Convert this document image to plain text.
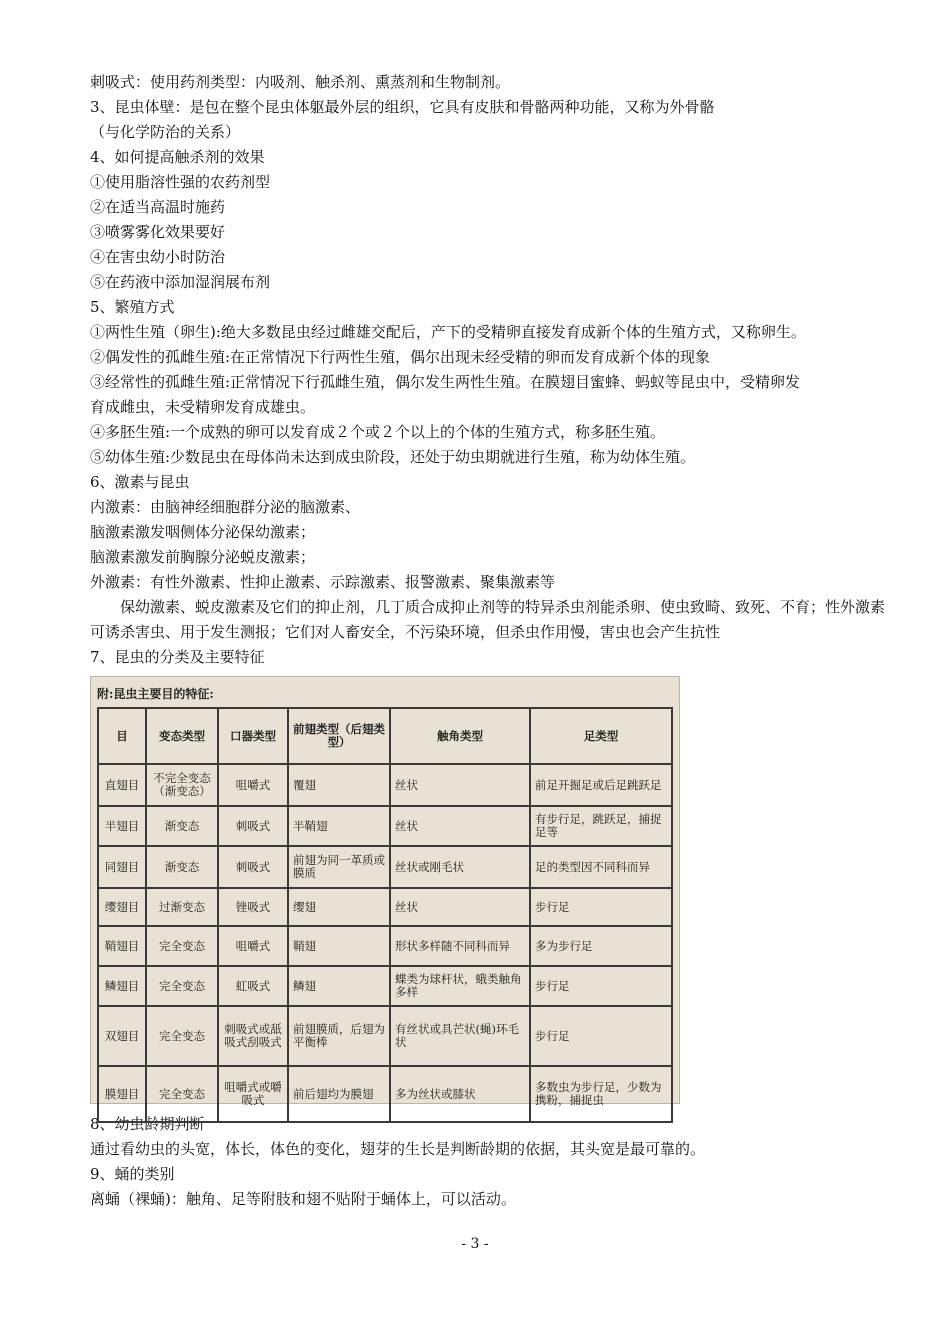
刺吸式：使用药剂类型：内吸剂、触杀剂、熏蒸剂和生物制剂。
3、昆虫体壁：是包在整个昆虫体躯最外层的组织，它具有皮肤和骨骼两种功能，又称为外骨骼
（与化学防治的关系）
4、如何提高触杀剂的效果
①使用脂溶性强的农药剂型
②在适当高温时施药
③喷雾雾化效果要好
④在害虫幼小时防治
⑤在药液中添加湿润展布剂
5、繁殖方式
①两性生殖（卵生):绝大多数昆虫经过雌雄交配后，产下的受精卵直接发育成新个体的生殖方式，又称卵生。
②偶发性的孤雌生殖:在正常情况下行两性生殖，偶尔出现未经受精的卵而发育成新个体的现象
③经常性的孤雌生殖:正常情况下行孤雌生殖，偶尔发生两性生殖。在膜翅目蜜蜂、蚂蚁等昆虫中，受精卵发
育成雌虫，未受精卵发育成雄虫。
④多胚生殖:一个成熟的卵可以发育成２个或２个以上的个体的生殖方式，称多胚生殖。
⑤幼体生殖:少数昆虫在母体尚未达到成虫阶段，还处于幼虫期就进行生殖，称为幼体生殖。
6、激素与昆虫
内激素：由脑神经细胞群分泌的脑激素、
脑激素激发咽侧体分泌保幼激素；
脑激素激发前胸腺分泌蜕皮激素；
外激素：有性外激素、性抑止激素、示踪激素、报警激素、聚集激素等
保幼激素、蜕皮激素及它们的抑止剂，几丁质合成抑止剂等的特异杀虫剂能杀卵、使虫致畸、致死、不育；性外激素可诱杀害虫、用于发生测报；它们对人畜安全，不污染环境，但杀虫作用慢，害虫也会产生抗性
7、昆虫的分类及主要特征
附:昆虫主要目的特征:
目	变态类型	口器类型	前翅类型（后翅类型）	触角类型	足类型
直翅目	不完全变态（渐变态）	咀嚼式	覆翅	丝状	前足开掘足或后足跳跃足
半翅目	渐变态	刺吸式	半鞘翅	丝状	有步行足，跳跃足，捕捉足等
同翅目	渐变态	刺吸式	前翅为同一革质或膜质	丝状或刚毛状	足的类型因不同科而异
缨翅目	过渐变态	锉吸式	缨翅	丝状	步行足
鞘翅目	完全变态	咀嚼式	鞘翅	形状多样随不同科而异	多为步行足
鳞翅目	完全变态	虹吸式	鳞翅	蝶类为球杆状，蛾类触角多样	步行足
双翅目	完全变态	刺吸式或舐吸式刮吸式	前翅膜质，后翅为平衡棒	有丝状或具芒状(蝇)环毛状	步行足
膜翅目	完全变态	咀嚼式或嚼吸式	前后翅均为膜翅	多为丝状或膝状	多数虫为步行足，少数为携粉，捕捉虫
8、幼虫龄期判断
通过看幼虫的头宽，体长，体色的变化，翅芽的生长是判断龄期的依据，其头宽是最可靠的。
9、蛹的类别
离蛹（裸蛹)：触角、足等附肢和翅不贴附于蛹体上，可以活动。
- 3 -
